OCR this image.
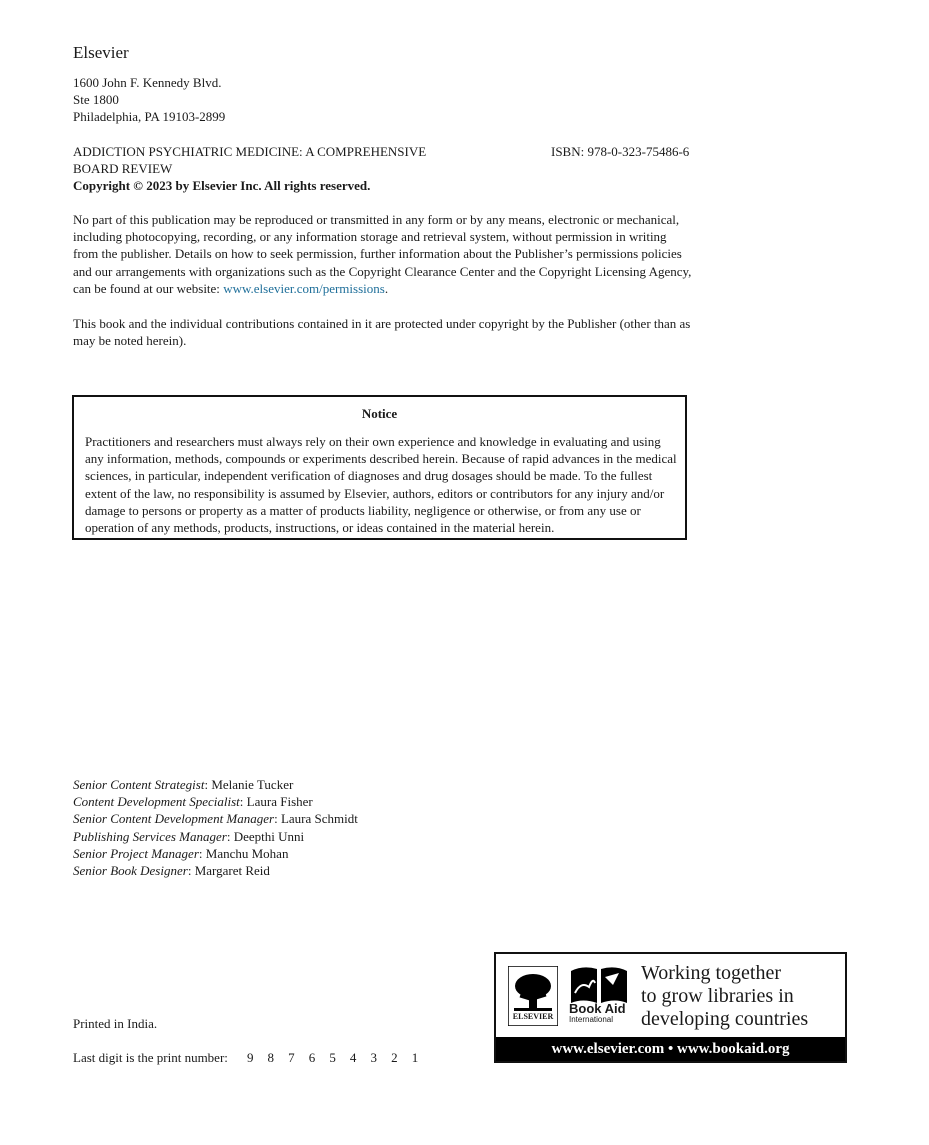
Elsevier
1600 John F. Kennedy Blvd.
Ste 1800
Philadelphia, PA 19103-2899
ADDICTION PSYCHIATRIC MEDICINE: A COMPREHENSIVE
BOARD REVIEW
ISBN: 978-0-323-75486-6
Copyright © 2023 by Elsevier Inc. All rights reserved.
No part of this publication may be reproduced or transmitted in any form or by any means, electronic or mechanical, including photocopying, recording, or any information storage and retrieval system, without permission in writing from the publisher. Details on how to seek permission, further information about the Publisher’s permissions policies and our arrangements with organizations such as the Copyright Clearance Center and the Copyright Licensing Agency, can be found at our website: www.elsevier.com/permissions.
This book and the individual contributions contained in it are protected under copyright by the Publisher (other than as may be noted herein).
Notice
Practitioners and researchers must always rely on their own experience and knowledge in evaluating and using any information, methods, compounds or experiments described herein. Because of rapid advances in the medical sciences, in particular, independent verification of diagnoses and drug dosages should be made. To the fullest extent of the law, no responsibility is assumed by Elsevier, authors, editors or contributors for any injury and/or damage to persons or property as a matter of products liability, negligence or otherwise, or from any use or operation of any methods, products, instructions, or ideas contained in the material herein.
Senior Content Strategist: Melanie Tucker
Content Development Specialist: Laura Fisher
Senior Content Development Manager: Laura Schmidt
Publishing Services Manager: Deepthi Unni
Senior Project Manager: Manchu Mohan
Senior Book Designer: Margaret Reid
Printed in India.
Last digit is the print number: 9 8 7 6 5 4 3 2 1
ELSEVIER
Book Aid
International
Working together
to grow libraries in
developing countries
www.elsevier.com • www.bookaid.org
